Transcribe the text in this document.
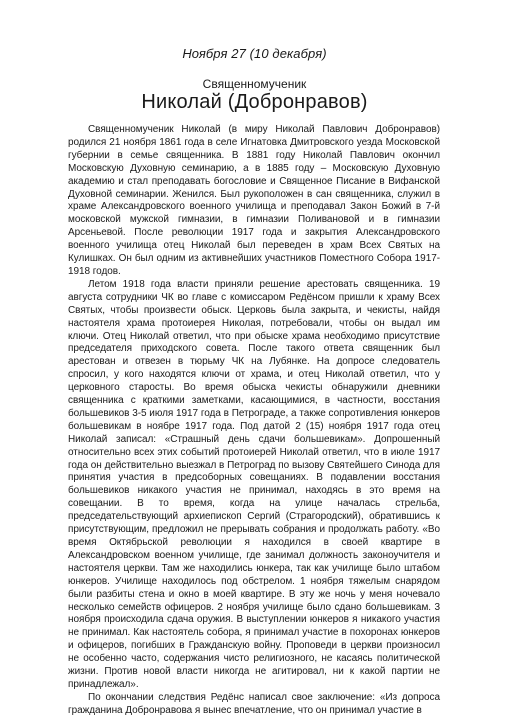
Ноября 27 (10 декабря)
Священномученик
Николай (Добронравов)

Священномученик Николай (в миру Николай Павлович Добронравов) родился 21 ноября 1861 года в селе Игнатовка Дмитровского уезда Московской губернии в семье священника. В 1881 году Николай Павлович окончил Московскую Духовную семинарию, а в 1885 году – Московскую Духовную академию и стал преподавать богословие и Священное Писание в Вифанской Духовной семинарии. Женился. Был рукоположен в сан священника, служил в храме Александровского военного училища и преподавал Закон Божий в 7-й московской мужской гимназии, в гимназии Поливановой и в гимназии Арсеньевой. После революции 1917 года и закрытия Александровского военного училища отец Николай был переведен в храм Всех Святых на Кулишках. Он был одним из активнейших участников Поместного Собора 1917-1918 годов.

Летом 1918 года власти приняли решение арестовать священника. 19 августа сотрудники ЧК во главе с комиссаром Редёнсом пришли к храму Всех Святых, чтобы произвести обыск. Церковь была закрыта, и чекисты, найдя настоятеля храма протоиерея Николая, потребовали, чтобы он выдал им ключи. Отец Николай ответил, что при обыске храма необходимо присутствие председателя приходского совета. После такого ответа священник был арестован и отвезен в тюрьму ЧК на Лубянке. На допросе следователь спросил, у кого находятся ключи от храма, и отец Николай ответил, что у церковного старосты. Во время обыска чекисты обнаружили дневники священника с краткими заметками, касающимися, в частности, восстания большевиков 3-5 июля 1917 года в Петрограде, а также сопротивления юнкеров большевикам в ноябре 1917 года. Под датой 2 (15) ноября 1917 года отец Николай записал: «Страшный день сдачи большевикам». Допрошенный относительно всех этих событий протоиерей Николай ответил, что в июле 1917 года он действительно выезжал в Петроград по вызову Святейшего Синода для принятия участия в предсоборных совещаниях. В подавлении восстания большевиков никакого участия не принимал, находясь в это время на совещании. В то время, когда на улице началась стрельба, председательствующий архиепископ Сергий (Страгородский), обратившись к присутствующим, предложил не прерывать собрания и продолжать работу. «Во время Октябрьской революции я находился в своей квартире в Александровском военном училище, где занимал должность законоучителя и настоятеля церкви. Там же находились юнкера, так как училище было штабом юнкеров. Училище находилось под обстрелом. 1 ноября тяжелым снарядом были разбиты стена и окно в моей квартире. В эту же ночь у меня ночевало несколько семейств офицеров. 2 ноября училище было сдано большевикам. 3 ноября происходила сдача оружия. В выступлении юнкеров я никакого участия не принимал. Как настоятель собора, я принимал участие в похоронах юнкеров и офицеров, погибших в Гражданскую войну. Проповеди в церкви произносил не особенно часто, содержания чисто религиозного, не касаясь политической жизни. Против новой власти никогда не агитировал, ни к какой партии не принадлежал».

По окончании следствия Редёнс написал свое заключение: «Из допроса гражданина Добронравова я вынес впечатление, что он принимал участие в
